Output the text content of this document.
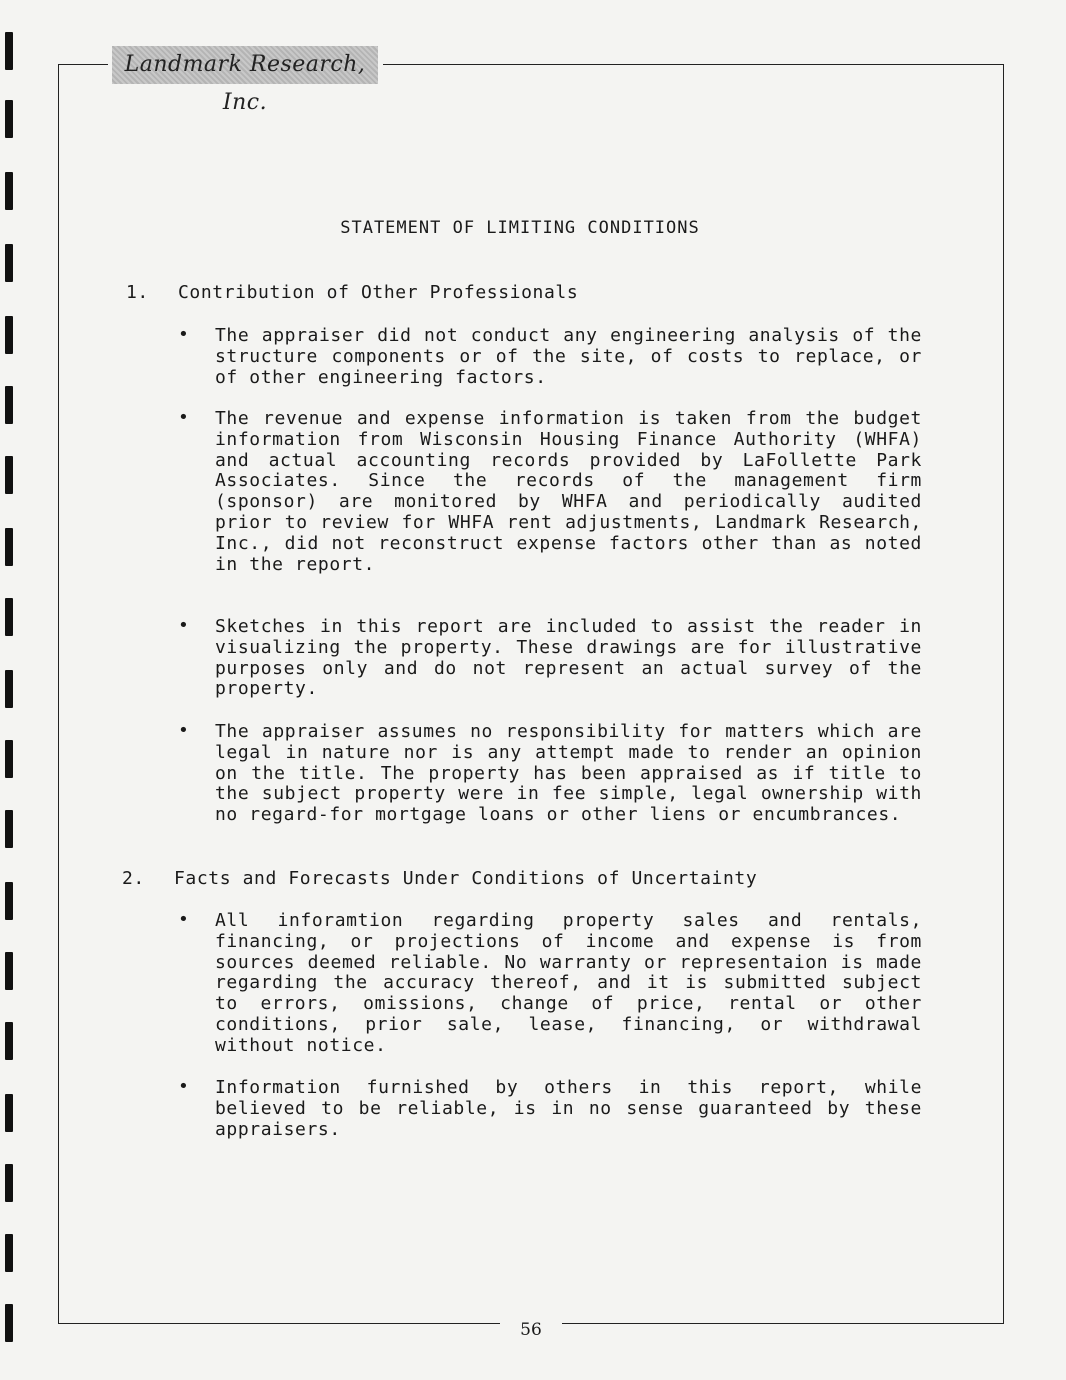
Landmark Research, Inc.
STATEMENT OF LIMITING CONDITIONS
1. Contribution of Other Professionals
• The appraiser did not conduct any engineering analysis of the structure components or of the site, of costs to replace, or of other engineering factors.

• The revenue and expense information is taken from the budget information from Wisconsin Housing Finance Authority (WHFA) and actual accounting records provided by LaFollette Park Associates. Since the records of the management firm (sponsor) are monitored by WHFA and periodically audited prior to review for WHFA rent adjustments, Landmark Research, Inc., did not reconstruct expense factors other than as noted in the report.

• Sketches in this report are included to assist the reader in visualizing the property. These drawings are for illustrative purposes only and do not represent an actual survey of the property.

• The appraiser assumes no responsibility for matters which are legal in nature nor is any attempt made to render an opinion on the title. The property has been appraised as if title to the subject property were in fee simple, legal ownership with no regard-for mortgage loans or other liens or encumbrances.

2. Facts and Forecasts Under Conditions of Uncertainty
• All inforamtion regarding property sales and rentals, financing, or projections of income and expense is from sources deemed reliable. No warranty or representaion is made regarding the accuracy thereof, and it is submitted subject to errors, omissions, change of price, rental or other conditions, prior sale, lease, financing, or withdrawal without notice.

• Information furnished by others in this report, while believed to be reliable, is in no sense guaranteed by these appraisers.

56
